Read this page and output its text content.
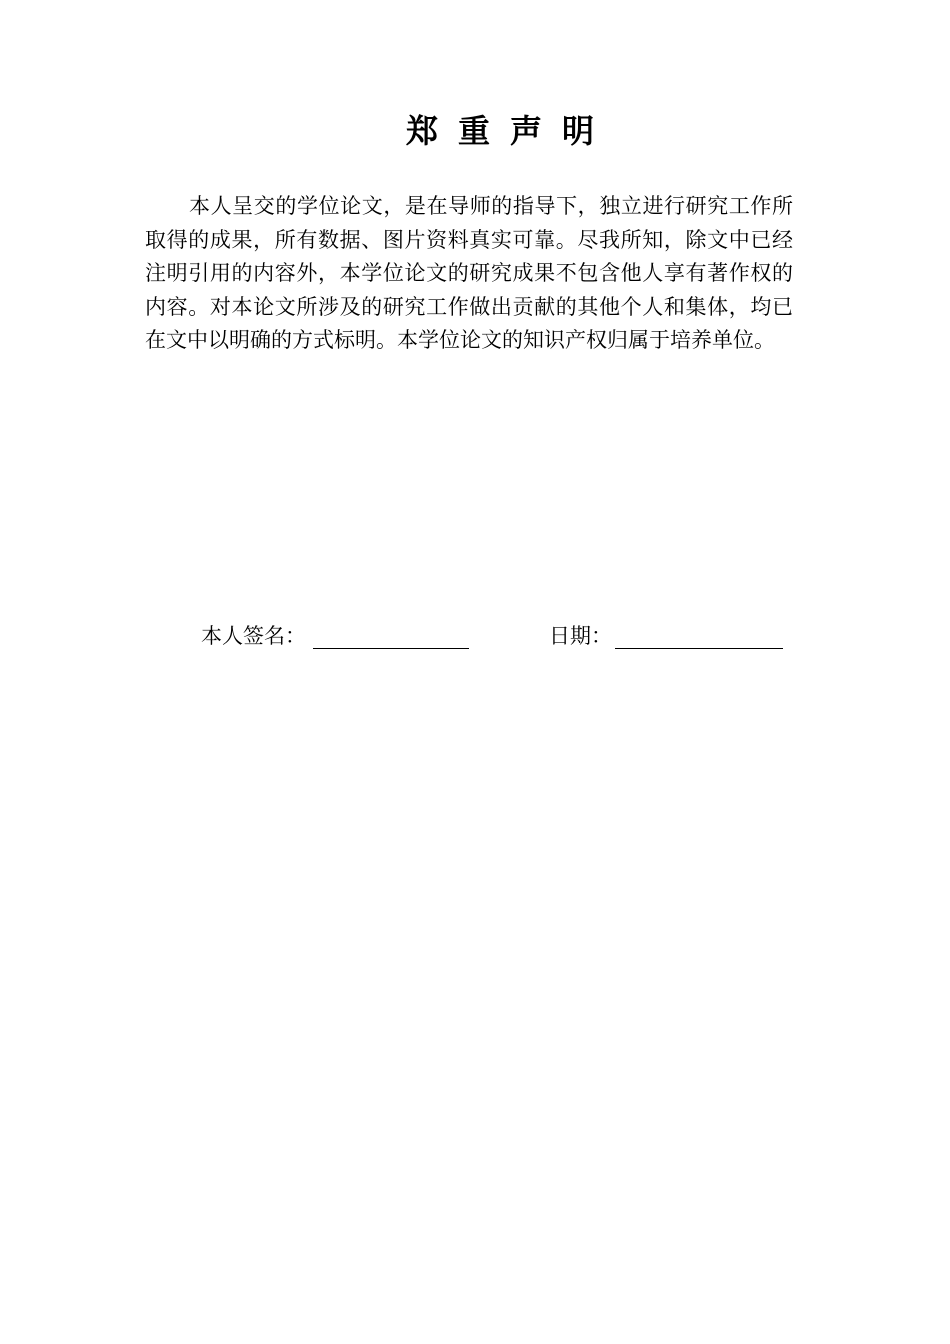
郑重声明

本人呈交的学位论文，是在导师的指导下，独立进行研究工作所取得的成果，所有数据、图片资料真实可靠。尽我所知，除文中已经注明引用的内容外，本学位论文的研究成果不包含他人享有著作权的内容。对本论文所涉及的研究工作做出贡献的其他个人和集体，均已在文中以明确的方式标明。本学位论文的知识产权归属于培养单位。

本人签名：	日期：
